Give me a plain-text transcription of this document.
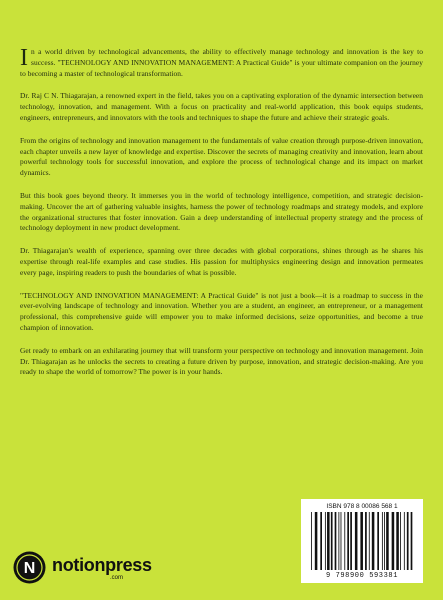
In a world driven by technological advancements, the ability to effectively manage technology and innovation is the key to success. "TECHNOLOGY AND INNOVATION MANAGEMENT: A Practical Guide" is your ultimate companion on the journey to becoming a master of technological transformation.

Dr. Raj C N. Thiagarajan, a renowned expert in the field, takes you on a captivating exploration of the dynamic intersection between technology, innovation, and management. With a focus on practicality and real-world application, this book equips students, engineers, entrepreneurs, and innovators with the tools and techniques to shape the future and achieve their strategic goals.

From the origins of technology and innovation management to the fundamentals of value creation through purpose-driven innovation, each chapter unveils a new layer of knowledge and expertise. Discover the secrets of managing creativity and innovation, learn about powerful technology tools for successful innovation, and explore the process of technological change and its impact on market dynamics.

But this book goes beyond theory. It immerses you in the world of technology intelligence, competition, and strategic decision-making. Uncover the art of gathering valuable insights, harness the power of technology roadmaps and strategy models, and explore the organizational structures that foster innovation. Gain a deep understanding of intellectual property strategy and the process of technology deployment in new product development.

Dr. Thiagarajan's wealth of experience, spanning over three decades with global corporations, shines through as he shares his expertise through real-life examples and case studies. His passion for multiphysics engineering design and innovation permeates every page, inspiring readers to push the boundaries of what is possible.

"TECHNOLOGY AND INNOVATION MANAGEMENT: A Practical Guide" is not just a book—it is a roadmap to success in the ever-evolving landscape of technology and innovation. Whether you are a student, an engineer, an entrepreneur, or a management professional, this comprehensive guide will empower you to make informed decisions, seize opportunities, and become a true champion of innovation.

Get ready to embark on an exhilarating journey that will transform your perspective on technology and innovation management. Join Dr. Thiagarajan as he unlocks the secrets to creating a future driven by purpose, innovation, and strategic decision-making. Are you ready to shape the world of tomorrow? The power is in your hands.

ISBN 978 8 00086 568 1
9 798900 593381
N notionpress
.com
